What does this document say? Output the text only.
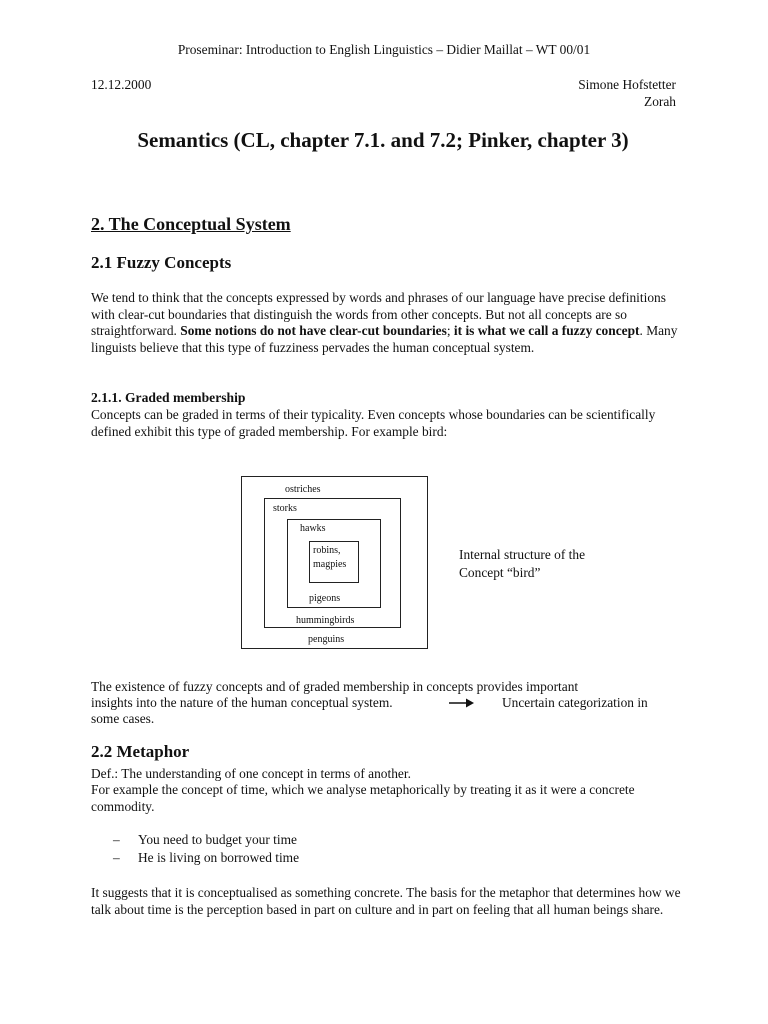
Proseminar: Introduction to English Linguistics – Didier Maillat – WT 00/01
12.12.2000	Simone Hofstetter
Zorah
Semantics (CL, chapter 7.1. and 7.2; Pinker, chapter 3)
2. The Conceptual System
2.1 Fuzzy Concepts
We tend to think that the concepts expressed by words and phrases of our language have precise definitions with clear-cut boundaries that distinguish the words from other concepts. But not all concepts are so straightforward. Some notions do not have clear-cut boundaries; it is what we call a fuzzy concept. Many linguists believe that this type of fuzziness pervades the human conceptual system.
2.1.1. Graded membership
Concepts can be graded in terms of their typicality. Even concepts whose boundaries can be scientifically defined exhibit this type of graded membership. For example bird:
ostriches
storks
hawks
robins,
magpies
pigeons
hummingbirds
penguins
Internal structure of the
Concept “bird”
The existence of fuzzy concepts and of graded membership in concepts provides important
insights into the nature of the human conceptual system.	Uncertain categorization in
some cases.
2.2 Metaphor
Def.: The understanding of one concept in terms of another.
For example the concept of time, which we analyse metaphorically by treating it as it were a concrete commodity.
– You need to budget your time
– He is living on borrowed time
It suggests that it is conceptualised as something concrete. The basis for the metaphor that determines how we talk about time is the perception based in part on culture and in part on feeling that all human beings share.
